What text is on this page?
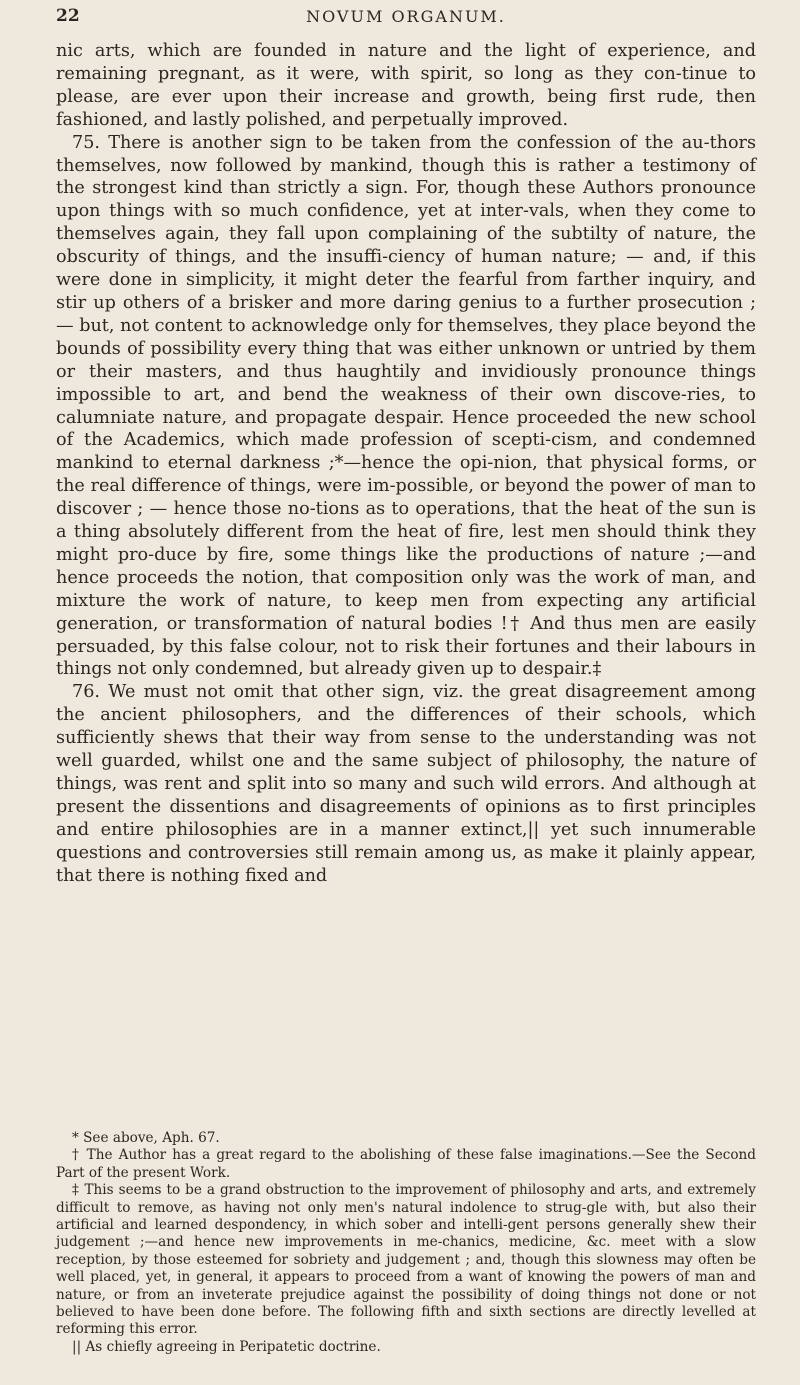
22	NOVUM ORGANUM.

nic arts, which are founded in nature and the light of experience, and remaining pregnant, as it were, with spirit, so long as they con-tinue to please, are ever upon their increase and growth, being first rude, then fashioned, and lastly polished, and perpetually improved.

75. There is another sign to be taken from the confession of the au-thors themselves, now followed by mankind, though this is rather a testimony of the strongest kind than strictly a sign. For, though these Authors pronounce upon things with so much confidence, yet at inter-vals, when they come to themselves again, they fall upon complaining of the subtilty of nature, the obscurity of things, and the insuffi-ciency of human nature; — and, if this were done in simplicity, it might deter the fearful from farther inquiry, and stir up others of a brisker and more daring genius to a further prosecution ; — but, not content to acknowledge only for themselves, they place beyond the bounds of possibility every thing that was either unknown or untried by them or their masters, and thus haughtily and invidiously pronounce things impossible to art, and bend the weakness of their own discove-ries, to calumniate nature, and propagate despair. Hence proceeded the new school of the Academics, which made profession of scepti-cism, and condemned mankind to eternal darkness ;*—hence the opi-nion, that physical forms, or the real difference of things, were im-possible, or beyond the power of man to discover ; — hence those no-tions as to operations, that the heat of the sun is a thing absolutely different from the heat of fire, lest men should think they might pro-duce by fire, some things like the productions of nature ;—and hence proceeds the notion, that composition only was the work of man, and mixture the work of nature, to keep men from expecting any artificial generation, or transformation of natural bodies !† And thus men are easily persuaded, by this false colour, not to risk their fortunes and their labours in things not only condemned, but already given up to despair.‡

76. We must not omit that other sign, viz. the great disagreement among the ancient philosophers, and the differences of their schools, which sufficiently shews that their way from sense to the understanding was not well guarded, whilst one and the same subject of philosophy, the nature of things, was rent and split into so many and such wild errors. And although at present the dissentions and disagreements of opinions as to first principles and entire philosophies are in a manner extinct,|| yet such innumerable questions and controversies still remain among us, as make it plainly appear, that there is nothing fixed and

* See above, Aph. 67.

† The Author has a great regard to the abolishing of these false imaginations.—See the Second Part of the present Work.

‡ This seems to be a grand obstruction to the improvement of philosophy and arts, and extremely difficult to remove, as having not only men's natural indolence to strug-gle with, but also their artificial and learned despondency, in which sober and intelli-gent persons generally shew their judgement ;—and hence new improvements in me-chanics, medicine, &c. meet with a slow reception, by those esteemed for sobriety and judgement ; and, though this slowness may often be well placed, yet, in general, it appears to proceed from a want of knowing the powers of man and nature, or from an inveterate prejudice against the possibility of doing things not done or not believed to have been done before. The following fifth and sixth sections are directly levelled at reforming this error.

|| As chiefly agreeing in Peripatetic doctrine.
